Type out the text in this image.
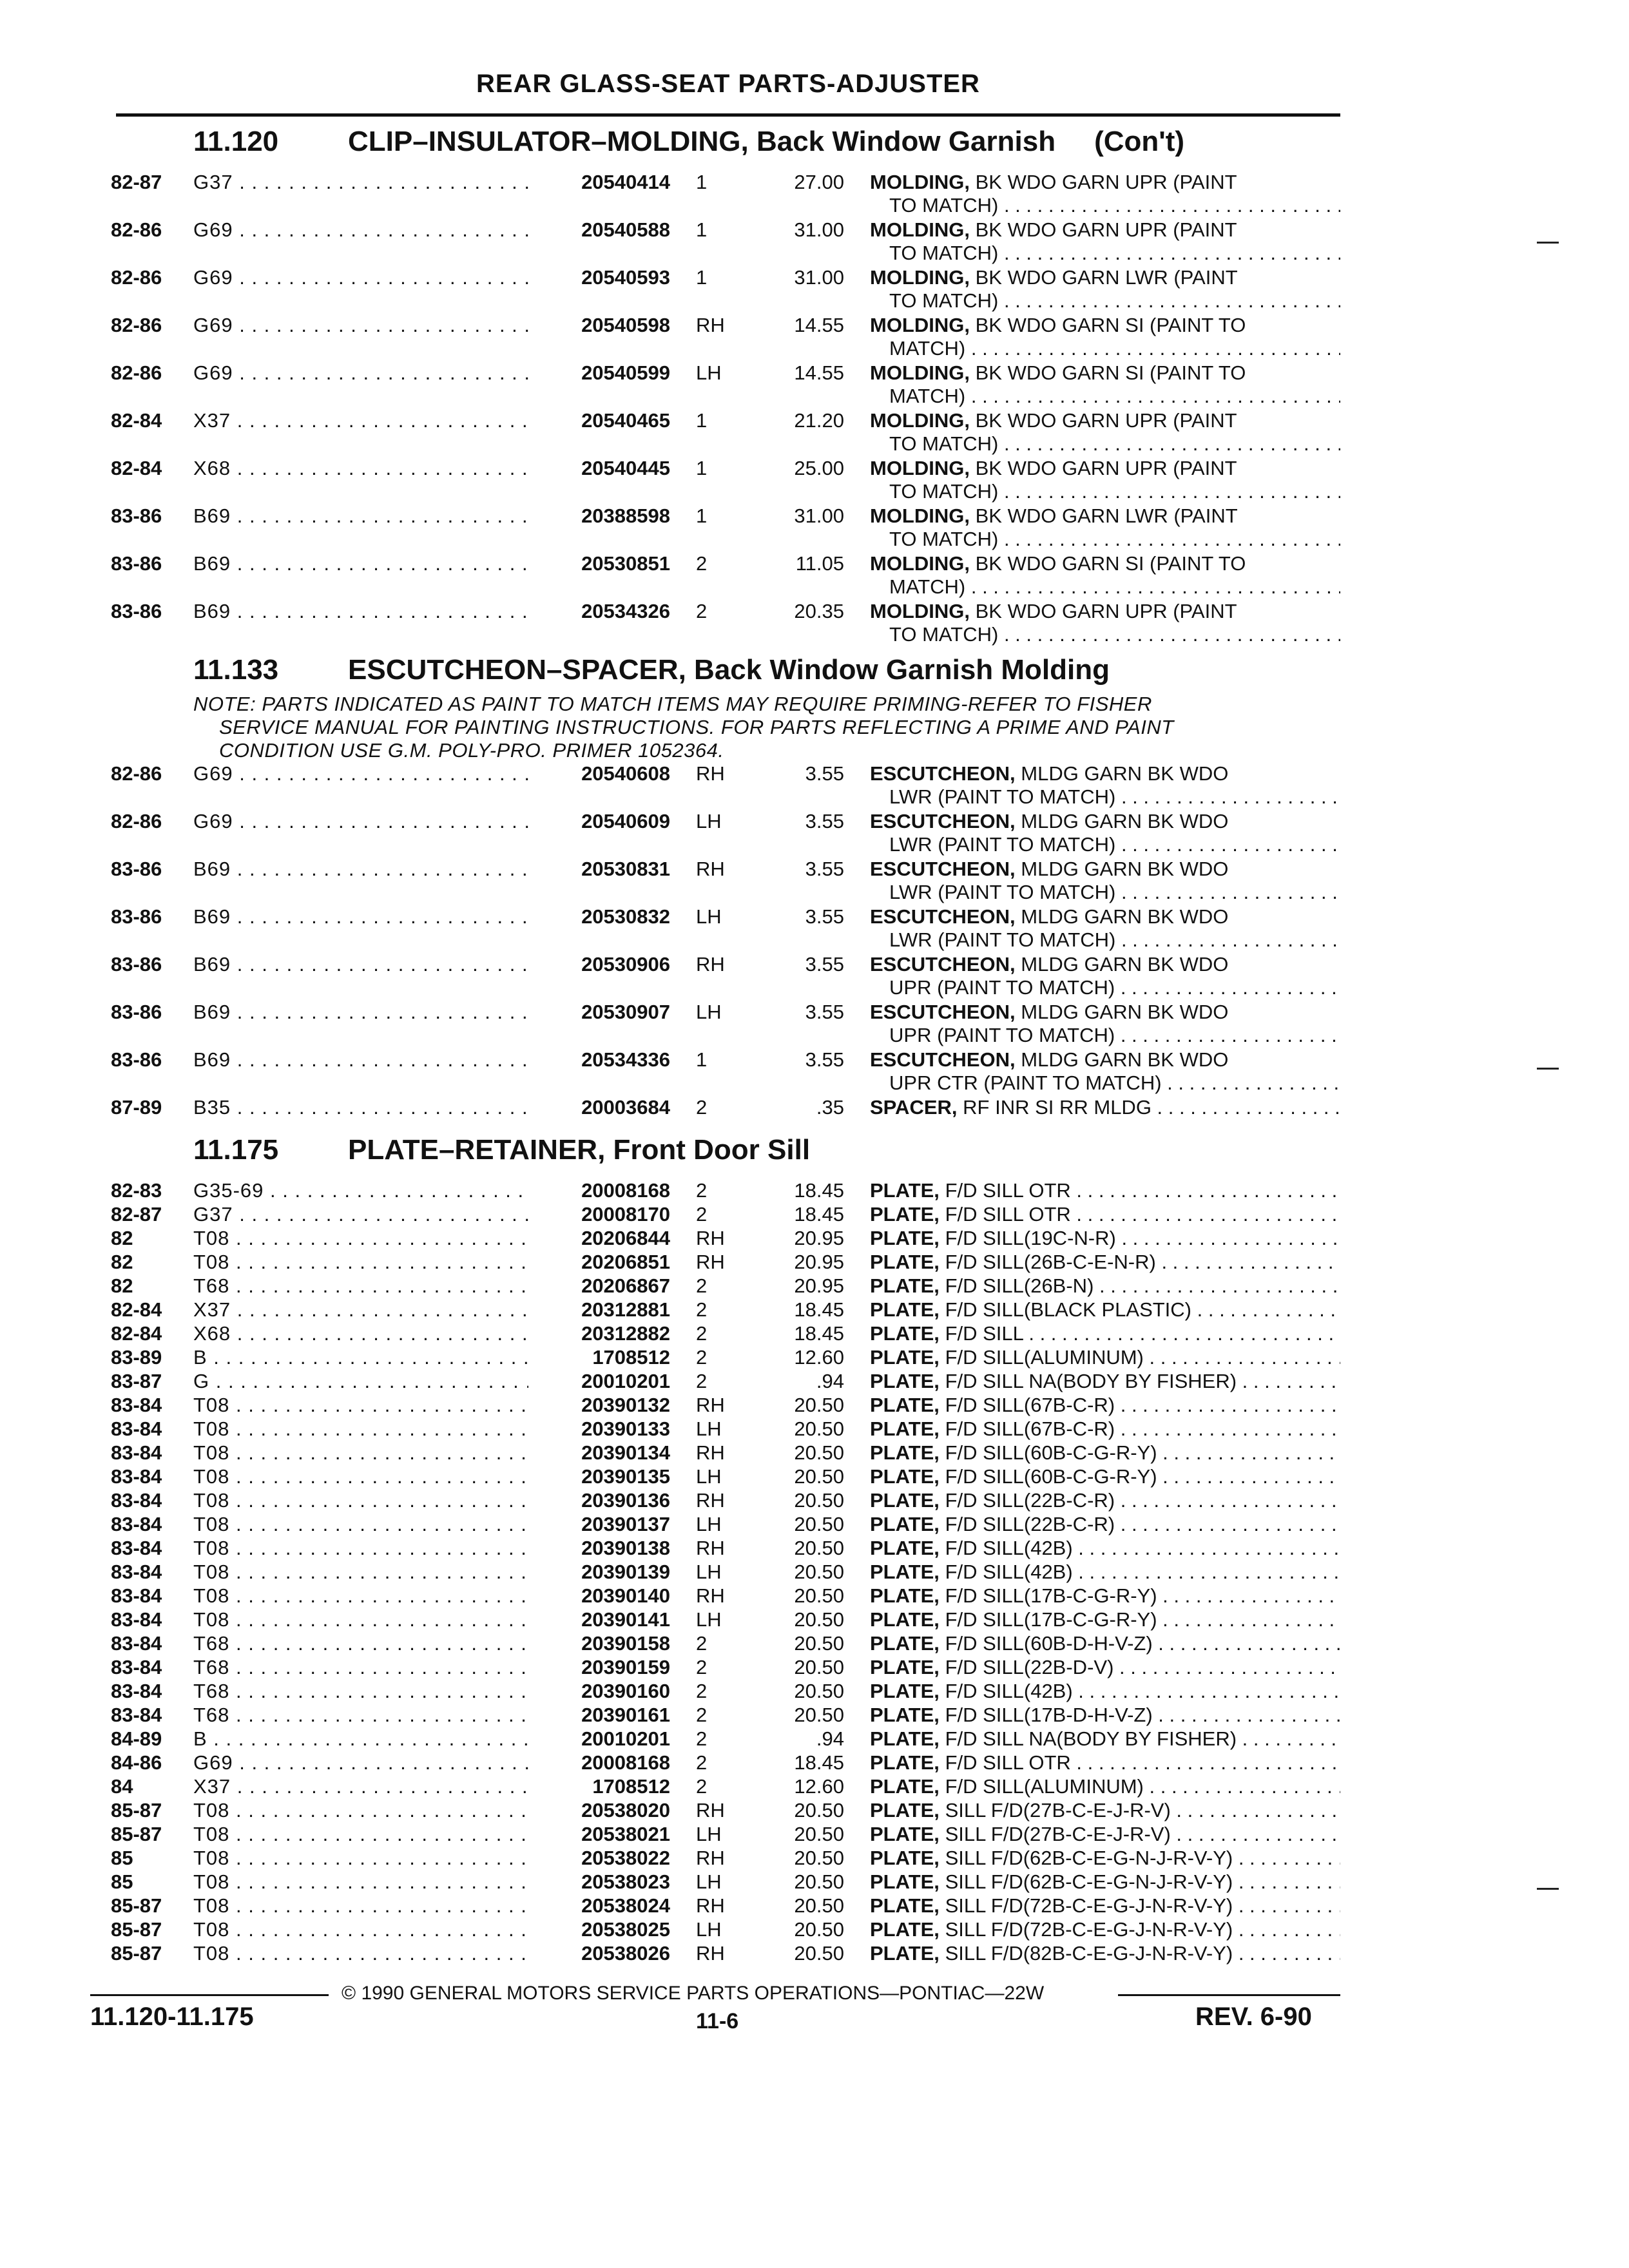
REAR GLASS-SEAT PARTS-ADJUSTER
11.120 CLIP–INSULATOR–MOLDING, Back Window Garnish (Con't)
82-87 G37 . . .	20540414 1	27.00 MOLDING, BK WDO GARN UPR (PAINT
TO MATCH) . . .
82-86 G69 . . .	20540588 1	31.00 MOLDING, BK WDO GARN UPR (PAINT
TO MATCH) . . .
82-86 G69 . . .	20540593 1	31.00 MOLDING, BK WDO GARN LWR (PAINT
TO MATCH) . . .
82-86 G69 . . .	20540598 RH	14.55 MOLDING, BK WDO GARN SI (PAINT TO
MATCH) . . .
82-86 G69 . . .	20540599 LH	14.55 MOLDING, BK WDO GARN SI (PAINT TO
MATCH) . . .
82-84 X37 . . .	20540465 1	21.20 MOLDING, BK WDO GARN UPR (PAINT
TO MATCH) . . .
82-84 X68 . . .	20540445 1	25.00 MOLDING, BK WDO GARN UPR (PAINT
TO MATCH) . . .
83-86 B69 . . .	20388598 1	31.00 MOLDING, BK WDO GARN LWR (PAINT
TO MATCH) . . .
83-86 B69 . . .	20530851 2	11.05 MOLDING, BK WDO GARN SI (PAINT TO
MATCH) . . .
83-86 B69 . . .	20534326 2	20.35 MOLDING, BK WDO GARN UPR (PAINT
TO MATCH) . . .
11.133 ESCUTCHEON–SPACER, Back Window Garnish Molding
NOTE: PARTS INDICATED AS PAINT TO MATCH ITEMS MAY REQUIRE PRIMING-REFER TO FISHER
SERVICE MANUAL FOR PAINTING INSTRUCTIONS. FOR PARTS REFLECTING A PRIME AND PAINT
CONDITION USE G.M. POLY-PRO. PRIMER 1052364.
82-86 G69 . . .	20540608 RH	3.55 ESCUTCHEON, MLDG GARN BK WDO
LWR (PAINT TO MATCH) . . .
82-86 G69 . . .	20540609 LH	3.55 ESCUTCHEON, MLDG GARN BK WDO
LWR (PAINT TO MATCH) . . .
83-86 B69 . . .	20530831 RH	3.55 ESCUTCHEON, MLDG GARN BK WDO
LWR (PAINT TO MATCH) . . .
83-86 B69 . . .	20530832 LH	3.55 ESCUTCHEON, MLDG GARN BK WDO
LWR (PAINT TO MATCH) . . .
83-86 B69 . . .	20530906 RH	3.55 ESCUTCHEON, MLDG GARN BK WDO
UPR (PAINT TO MATCH) . . .
83-86 B69 . . .	20530907 LH	3.55 ESCUTCHEON, MLDG GARN BK WDO
UPR (PAINT TO MATCH) . . .
83-86 B69 . . .	20534336 1	3.55 ESCUTCHEON, MLDG GARN BK WDO
UPR CTR (PAINT TO MATCH) . . .
87-89 B35 . . .	20003684 2	.35 SPACER, RF INR SI RR MLDG . . .
11.175 PLATE–RETAINER, Front Door Sill
82-83 G35-69 . . .	20008168 2	18.45 PLATE, F/D SILL OTR . . .
82-87 G37 . . .	20008170 2	18.45 PLATE, F/D SILL OTR . . .
82	T08 . . .	20206844 RH	20.95 PLATE, F/D SILL(19C-N-R) . . .
82	T08 . . .	20206851 RH	20.95 PLATE, F/D SILL(26B-C-E-N-R) . . .
82	T68 . . .	20206867 2	20.95 PLATE, F/D SILL(26B-N) . . .
82-84 X37 . . .	20312881 2	18.45 PLATE, F/D SILL(BLACK PLASTIC) . . .
82-84 X68 . . .	20312882 2	18.45 PLATE, F/D SILL . . .
83-89 B . . .	1708512 2	12.60 PLATE, F/D SILL(ALUMINUM) . . .
83-87 G . . .	20010201 2	.94 PLATE, F/D SILL NA(BODY BY FISHER) . . .
83-84 T08 . . .	20390132 RH	20.50 PLATE, F/D SILL(67B-C-R) . . .
83-84 T08 . . .	20390133 LH	20.50 PLATE, F/D SILL(67B-C-R) . . .
83-84 T08 . . .	20390134 RH	20.50 PLATE, F/D SILL(60B-C-G-R-Y) . . .
83-84 T08 . . .	20390135 LH	20.50 PLATE, F/D SILL(60B-C-G-R-Y) . . .
83-84 T08 . . .	20390136 RH	20.50 PLATE, F/D SILL(22B-C-R) . . .
83-84 T08 . . .	20390137 LH	20.50 PLATE, F/D SILL(22B-C-R) . . .
83-84 T08 . . .	20390138 RH	20.50 PLATE, F/D SILL(42B) . . .
83-84 T08 . . .	20390139 LH	20.50 PLATE, F/D SILL(42B) . . .
83-84 T08 . . .	20390140 RH	20.50 PLATE, F/D SILL(17B-C-G-R-Y) . . .
83-84 T08 . . .	20390141 LH	20.50 PLATE, F/D SILL(17B-C-G-R-Y) . . .
83-84 T68 . . .	20390158 2	20.50 PLATE, F/D SILL(60B-D-H-V-Z) . . .
83-84 T68 . . .	20390159 2	20.50 PLATE, F/D SILL(22B-D-V) . . .
83-84 T68 . . .	20390160 2	20.50 PLATE, F/D SILL(42B) . . .
83-84 T68 . . .	20390161 2	20.50 PLATE, F/D SILL(17B-D-H-V-Z) . . .
84-89 B . . .	20010201 2	.94 PLATE, F/D SILL NA(BODY BY FISHER) . . .
84-86 G69 . . .	20008168 2	18.45 PLATE, F/D SILL OTR . . .
84	X37 . . .	1708512 2	12.60 PLATE, F/D SILL(ALUMINUM) . . .
85-87 T08 . . .	20538020 RH	20.50 PLATE, SILL F/D(27B-C-E-J-R-V) . . .
85-87 T08 . . .	20538021 LH	20.50 PLATE, SILL F/D(27B-C-E-J-R-V) . . .
85	T08 . . .	20538022 RH	20.50 PLATE, SILL F/D(62B-C-E-G-N-J-R-V-Y) . . .
85	T08 . . .	20538023 LH	20.50 PLATE, SILL F/D(62B-C-E-G-N-J-R-V-Y) . . .
85-87 T08 . . .	20538024 RH	20.50 PLATE, SILL F/D(72B-C-E-G-J-N-R-V-Y) . . .
85-87 T08 . . .	20538025 LH	20.50 PLATE, SILL F/D(72B-C-E-G-J-N-R-V-Y) . . .
85-87 T08 . . .	20538026 RH	20.50 PLATE, SILL F/D(82B-C-E-G-J-N-R-V-Y) . . .
© 1990 GENERAL MOTORS SERVICE PARTS OPERATIONS—PONTIAC—22W
11.120-11.175	11-6	REV. 6-90
